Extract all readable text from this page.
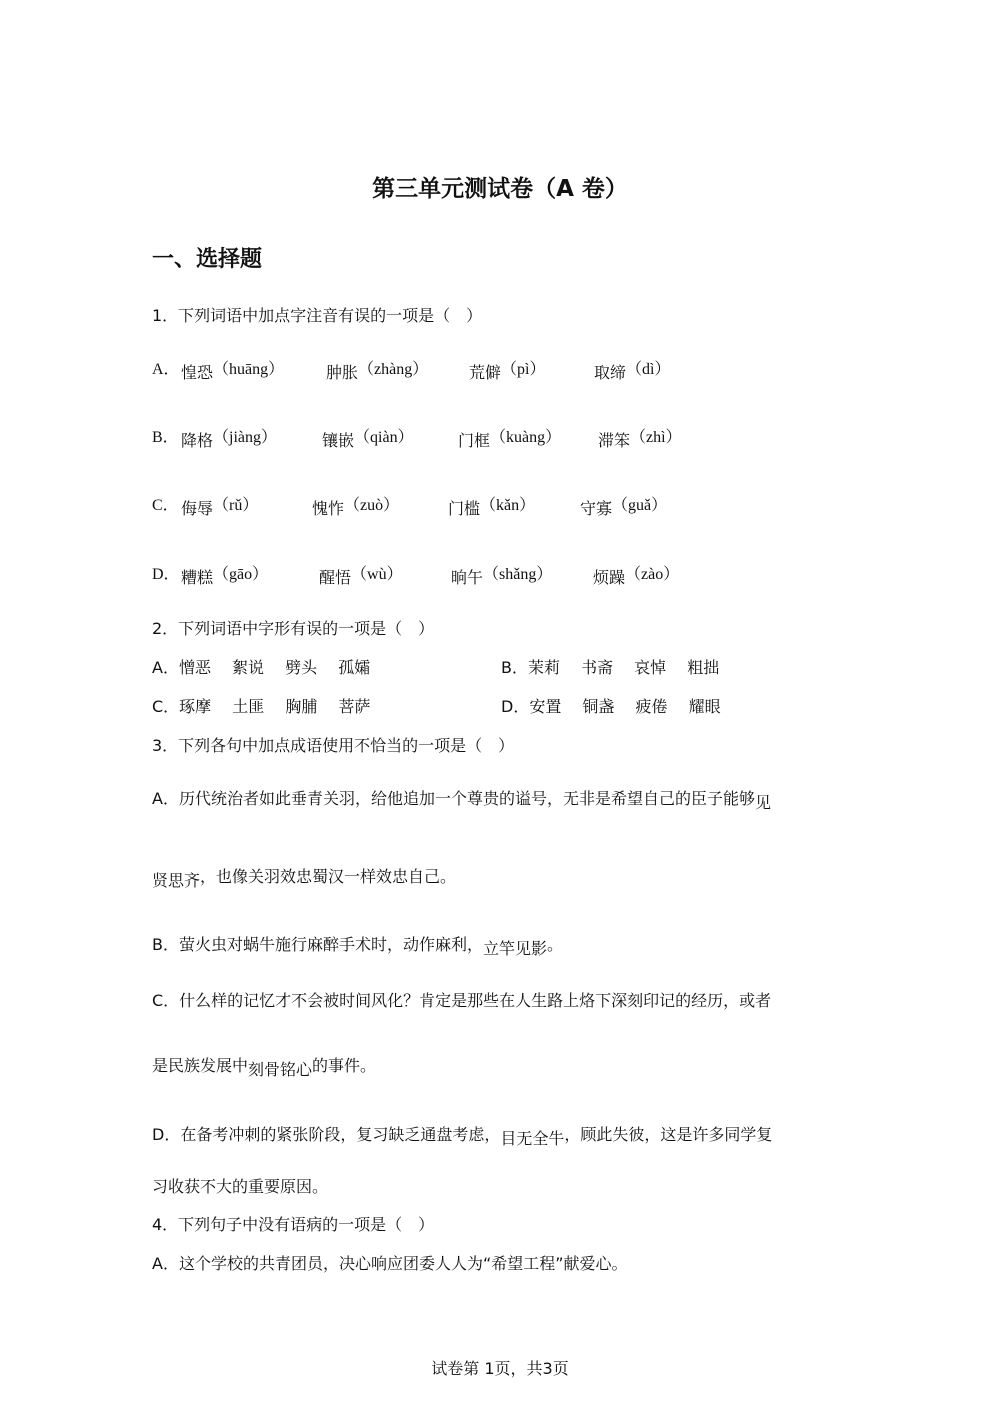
第三单元测试卷（A 卷）
一、选择题
1．下列词语中加点字注音有误的一项是（　）
A． 惶恐（huāng）	肿胀（zhàng）	荒僻（pì）	取缔（dì）
B． 降格（jiàng）	镶嵌（qiàn）	门框（kuàng） 滞笨（zhì）
C． 侮辱（rǔ）	愧怍（zuò）	门槛（kǎn）	守寡（guǎ）
D． 糟糕（gāo）	醒悟（wù）	晌午（shǎng）	烦躁（zào）
2．下列词语中字形有误的一项是（　）
A．憎恶　 絮说　 劈头　 孤孀	B．茉莉　 书斋　 哀悼　 粗拙
C．琢摩　 土匪　 胸脯　 菩萨	D．安置　 铜盏　 疲倦　 耀眼
3．下列各句中加点成语使用不恰当的一项是（　）
A．历代统治者如此垂青关羽，给他追加一个尊贵的谥号，无非是希望自己的臣子能够见
贤思齐，也像关羽效忠蜀汉一样效忠自己。
B．萤火虫对蜗牛施行麻醉手术时，动作麻利，立竿见影。
C．什么样的记忆才不会被时间风化？肯定是那些在人生路上烙下深刻印记的经历，或者
是民族发展中刻骨铭心的事件。
D．在备考冲刺的紧张阶段，复习缺乏通盘考虑，目无全牛，顾此失彼，这是许多同学复
习收获不大的重要原因。
4．下列句子中没有语病的一项是（　）
A．这个学校的共青团员，决心响应团委人人为“希望工程”献爱心。
试卷第 1页，共3页
